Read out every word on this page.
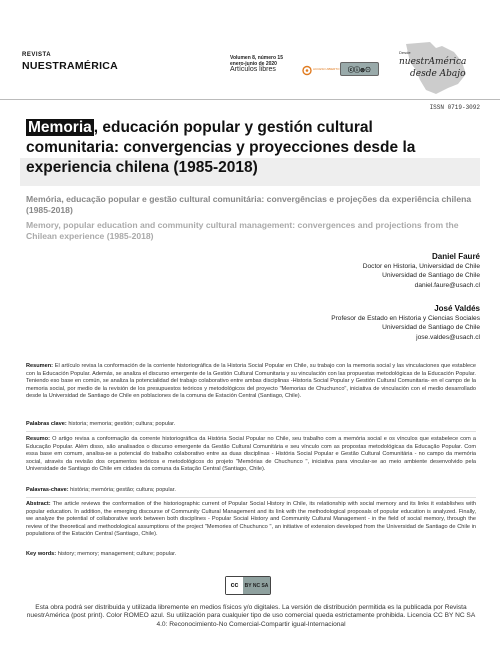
REVISTA
NUESTRAMÉRICA
Volumen 8, número 15
enero-junio de 2020
Artículos libres	ACCESO ABIERTO ⓒⓘ⊜⊙
Desde
nuestrAmérica
desde Abajo
ISSN 0719-3092
Memoria , educación popular y gestión cultural comunitaria: convergencias y proyecciones desde la experiencia chilena (1985-2018)
Memória, educação popular e gestão cultural comunitária: convergências e projeções da experiência chilena (1985-2018)
Memory, popular education and community cultural management: convergences and projections from the Chilean experience (1985-2018)
Daniel Fauré
Doctor en Historia, Universidad de Chile
Universidad de Santiago de Chile
daniel.faure@usach.cl
José Valdés
Profesor de Estado en Historia y Ciencias Sociales
Universidad de Santiago de Chile
jose.valdes@usach.cl
Resumen: El artículo revisa la conformación de la corriente historiográfica de la Historia Social Popular en Chile, su trabajo con la memoria social y las vinculaciones que establece con la Educación Popular. Además, se analiza el discurso emergente de la Gestión Cultural Comunitaria y su vinculación con las propuestas metodológicas de la Educación Popular. Teniendo eso base en común, se analiza la potencialidad del trabajo colaborativo entre ambas disciplinas -Historia Social Popular y Gestión Cultural Comunitaria- en el campo de la memoria social, por medio de la revisión de los presupuestos teóricos y metodológicos del proyecto "Memorias de Chuchunco", iniciativa de vinculación con el medio desarrollado desde la Universidad de Santiago de Chile en poblaciones de la comuna de Estación Central (Santiago, Chile).
Palabras clave: historia; memoria; gestión; cultura; popular.
Resumo: O artigo revisa a conformação da corrente historiográfica da História Social Popular no Chile, seu trabalho com a memória social e os vínculos que estabelece com a Educação Popular. Além disso, são analisados o discurso emergente da Gestão Cultural Comunitária e seu vínculo com as propostas metodológicas da Educação Popular. Com essa base em comum, analisa-se a potencial do trabalho colaborativo entre as duas disciplinas - História Social Popular e Gestão Cultural Comunitária - no campo da memória social, através da revisão dos orçamentos teóricos e metodológicos do projeto "Memórias de Chuchunco ", iniciativa para vincular-se ao meio ambiente desenvolvido pela Universidade de Santiago do Chile em cidades da comuna da Estação Central (Santiago, Chile).
Palavras-chave: história; memória; gestão; cultura; popular.
Abstract: The article reviews the conformation of the historiographic current of Popular Social History in Chile, its relationship with social memory and its links it establishes with popular education. In addition, the emerging discourse of Community Cultural Management and its link with the methodological proposals of popular education is analyzed. Finally, we analyze the potential of collaborative work between both disciplines - Popular Social History and Community Cultural Management - in the field of social memory, through the review of the theoretical and methodological assumptions of the project "Memories of Chuchunco ", an initiative of extension developed from the Universidad de Santiago de Chile in populations of the Estación Central (Santiago, Chile).
Key words: history; memory; management; culture; popular.
cc	BY NC SA
Esta obra podrá ser distribuida y utilizada libremente en medios físicos y/o digitales. La versión de distribución permitida es la publicada por Revista nuestrAmérica (post print). Color ROMEO azul. Su utilización para cualquier tipo de uso comercial queda estrictamente prohibida. Licencia CC BY NC SA 4.0: Reconocimiento-No Comercial-Compartir igual-Internacional
